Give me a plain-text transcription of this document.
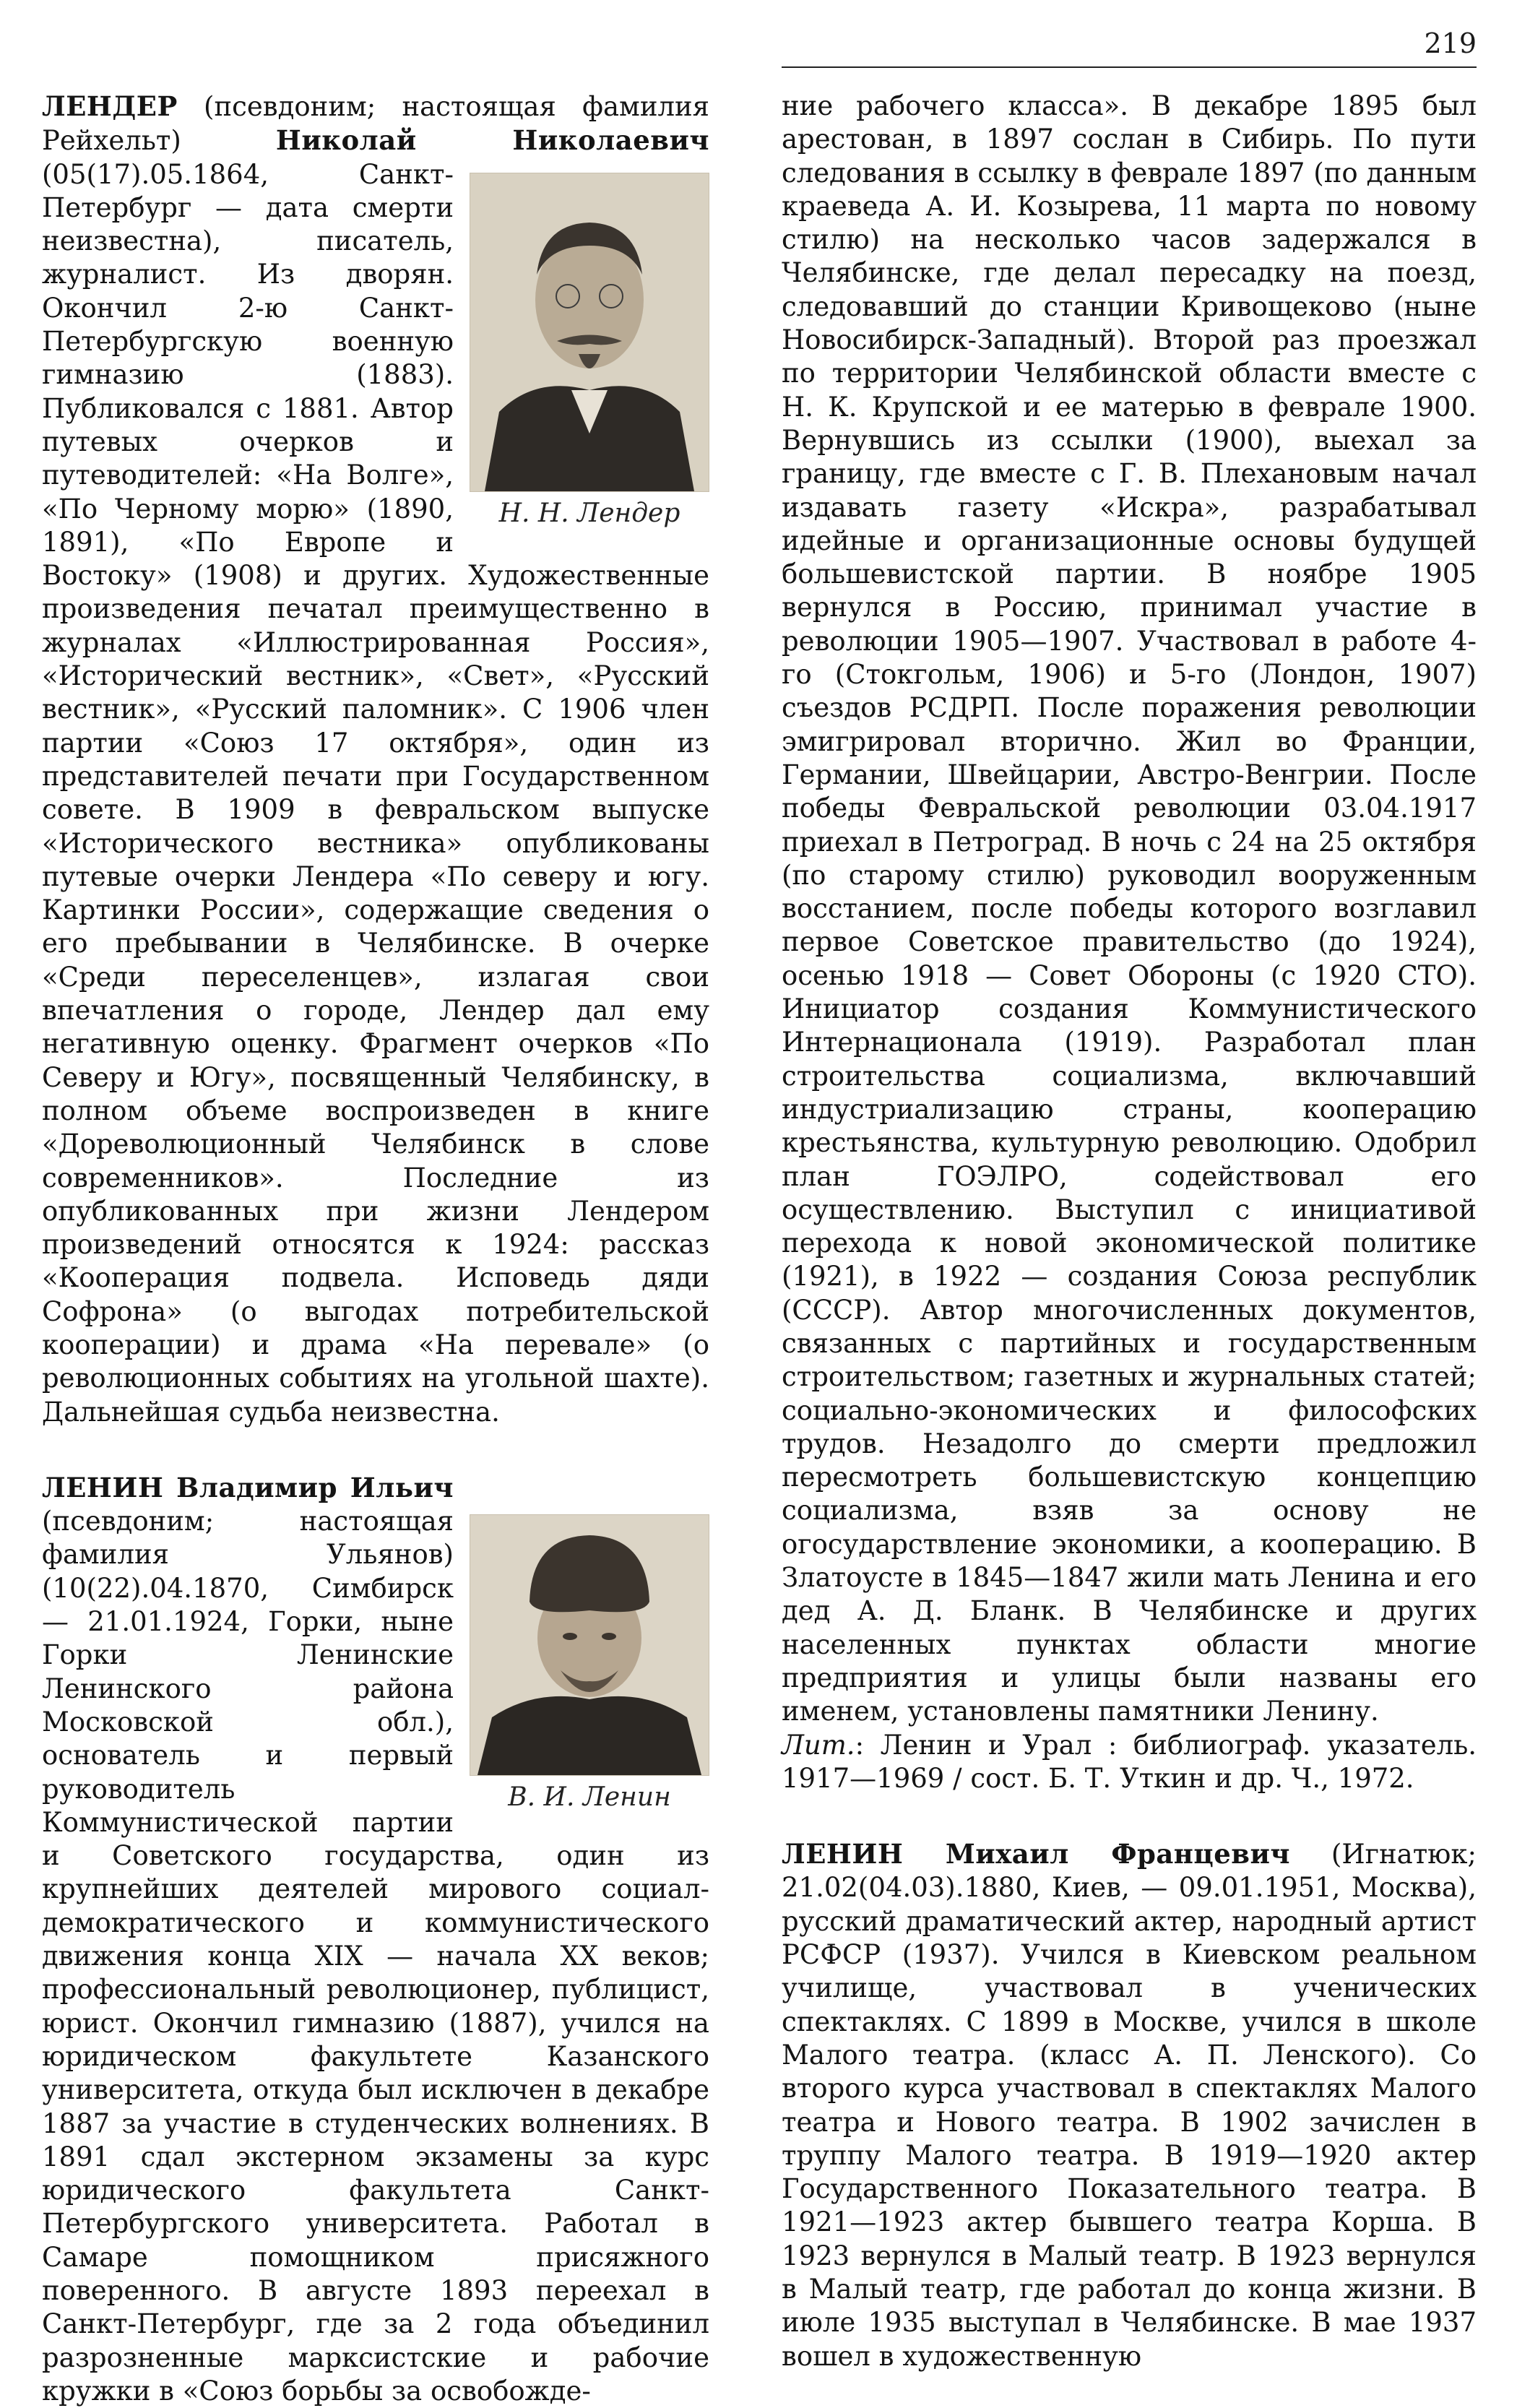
219

ЛЕНДЕР (псевдоним; настоящая фамилия Рейхельт) Николай Николаевич
Н. Н. Лендер
(05(17).05.1864, Санкт-Петербург — дата смерти неизвестна), писатель, журналист. Из дворян. Окончил 2-ю Санкт-Петербургскую военную гимназию (1883). Публиковался с 1881. Автор путевых очерков и путеводителей: «На Волге», «По Черному морю» (1890, 1891), «По Европе и Востоку» (1908) и других. Художественные произведения печатал преимущественно в журналах «Иллюстрированная Россия», «Исторический вестник», «Свет», «Русский вестник», «Русский паломник». С 1906 член партии «Союз 17 октября», один из представителей печати при Государственном совете. В 1909 в февральском выпуске «Исторического вестника» опубликованы путевые очерки Лендера «По северу и югу. Картинки России», содержащие сведения о его пребывании в Челябинске. В очерке «Среди переселенцев», излагая свои впечатления о городе, Лендер дал ему негативную оценку. Фрагмент очерков «По Северу и Югу», посвященный Челябинску, в полном объеме воспроизведен в книге «Дореволюционный Челябинск в слове современников». Последние из опубликованных при жизни Лендером произведений относятся к 1924: рассказ «Кооперация подвела. Исповедь дяди Софрона» (о выгодах потребительской кооперации) и драма «На перевале» (о революционных событиях на угольной шахте). Дальнейшая судьба неизвестна.

ЛЕНИН Владимир Ильич
В. И. Ленин
(псевдоним; настоящая фамилия Ульянов) (10(22).04.1870, Симбирск — 21.01.1924, Горки, ныне Горки Ленинские Ленинского района Московской обл.), основатель и первый руководитель Коммунистической партии и Советского государства, один из крупнейших деятелей мирового социал-демократического и коммунистического движения конца XIX — начала XX веков; профессиональный революционер, публицист, юрист. Окончил гимназию (1887), учился на юридическом факультете Казанского университета, откуда был исключен в декабре 1887 за участие в студенческих волнениях. В 1891 сдал экстерном экзамены за курс юридического факультета Санкт-Петербургского университета. Работал в Самаре помощником присяжного поверенного. В августе 1893 переехал в Санкт-Петербург, где за 2 года объединил разрозненные марксистские и рабочие кружки в «Союз борьбы за освобожде-

ние рабочего класса». В декабре 1895 был арестован, в 1897 сослан в Сибирь. По пути следования в ссылку в феврале 1897 (по данным краеведа А. И. Козырева, 11 марта по новому стилю) на несколько часов задержался в Челябинске, где делал пересадку на поезд, следовавший до станции Кривощеково (ныне Новосибирск-Западный). Второй раз проезжал по территории Челябинской области вместе с Н. К. Крупской и ее матерью в феврале 1900. Вернувшись из ссылки (1900), выехал за границу, где вместе с Г. В. Плехановым начал издавать газету «Искра», разрабатывал идейные и организационные основы будущей большевистской партии. В ноябре 1905 вернулся в Россию, принимал участие в революции 1905—1907. Участвовал в работе 4-го (Стокгольм, 1906) и 5-го (Лондон, 1907) съездов РСДРП. После поражения революции эмигрировал вторично. Жил во Франции, Германии, Швейцарии, Австро-Венгрии. После победы Февральской революции 03.04.1917 приехал в Петроград. В ночь с 24 на 25 октября (по старому стилю) руководил вооруженным восстанием, после победы которого возглавил первое Советское правительство (до 1924), осенью 1918 — Совет Обороны (с 1920 СТО). Инициатор создания Коммунистического Интернационала (1919). Разработал план строительства социализма, включавший индустриализацию страны, кооперацию крестьянства, культурную революцию. Одобрил план ГОЭЛРО, содействовал его осуществлению. Выступил с инициативой перехода к новой экономической политике (1921), в 1922 — создания Союза республик (СССР). Автор многочисленных документов, связанных с партийных и государственным строительством; газетных и журнальных статей; социально-экономических и философских трудов. Незадолго до смерти предложил пересмотреть большевистскую концепцию социализма, взяв за основу не огосударствление экономики, а кооперацию. В Златоусте в 1845—1847 жили мать Ленина и его дед А. Д. Бланк. В Челябинске и других населенных пунктах области многие предприятия и улицы были названы его именем, установлены памятники Ленину.

Лит.: Ленин и Урал : библиограф. указатель. 1917—1969 / сост. Б. Т. Уткин и др. Ч., 1972.

ЛЕНИН Михаил Францевич (Игнатюк; 21.02(04.03).1880, Киев, — 09.01.1951, Москва), русский драматический актер, народный артист РСФСР (1937). Учился в Киевском реальном училище, участвовал в ученических спектаклях. С 1899 в Москве, учился в школе Малого театра. (класс А. П. Ленского). Со второго курса участвовал в спектаклях Малого театра и Нового театра. В 1902 зачислен в труппу Малого театра. В 1919—1920 актер Государственного Показательного театра. В 1921—1923 актер бывшего театра Корша. В 1923 вернулся в Малый театр. В 1923 вернулся в Малый театр, где работал до конца жизни. В июле 1935 выступал в Челябинске. В мае 1937 вошел в художественную
